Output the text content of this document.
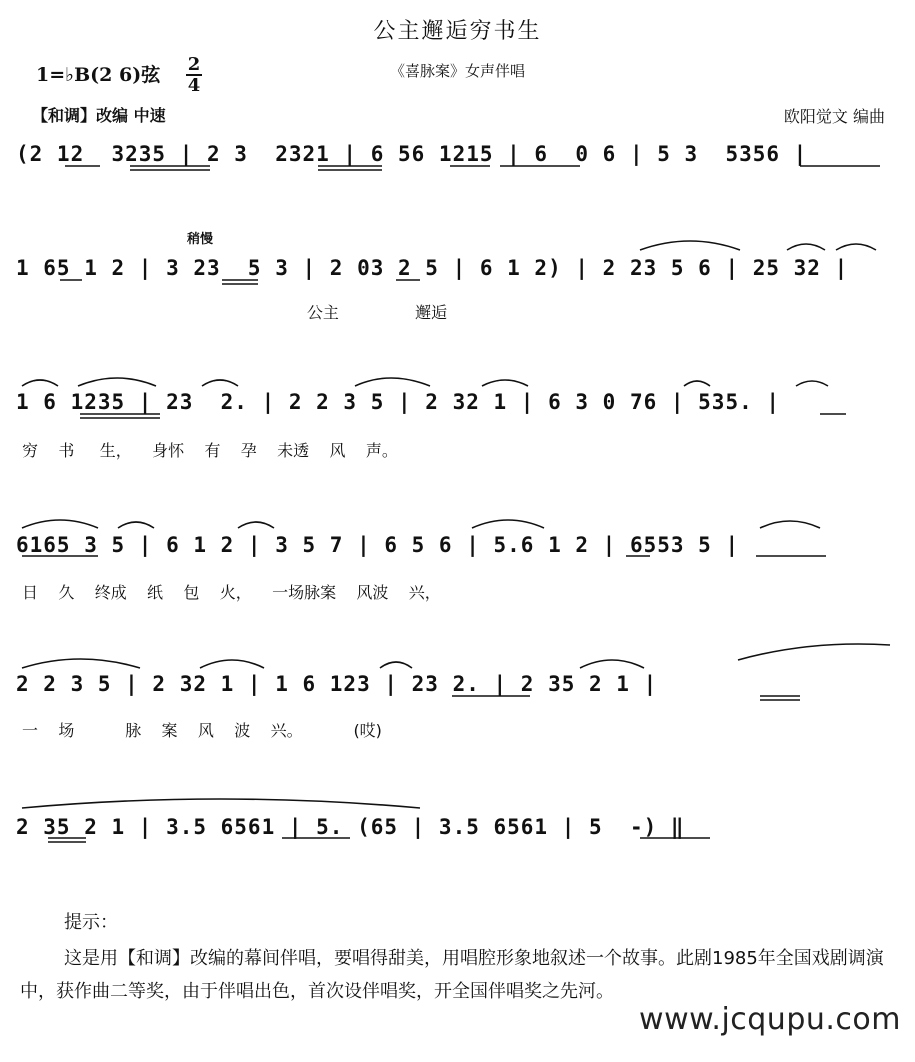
公主邂逅穷书生
《喜脉案》女声伴唱
1=♭B(2 6)弦 2
4
【和调】改编 中速	欧阳觉文 编曲
稍慢
(2 12  3235 | 2 3  2321 | 6 56 1215 | 6  0 6 | 5 3  5356 |
1 65 1 2 | 3 23  5 3 | 2 03 2 5 | 6 1 2) | 2 23 5 6 | 25 32 |
公主               邂逅
1 6 1235 | 23  2. | 2 2 3 5 | 2 32 1 | 6 3 0 76 | 535. |
穷    书     生，    身怀    有    孕    未透    风    声。
6165 3 5 | 6 1 2 | 3 5 7 | 6 5 6 | 5.6 1 2 | 6553 5 |
日    久    终成    纸    包    火，    一场脉案    风波    兴，
2 2 3 5 | 2 32 1 | 1 6 123 | 23 2. | 2 35 2 1 |
一    场          脉    案    风    波    兴。          (哎)
2 35 2 1 | 3.5 6561 | 5. (65 | 3.5 6561 | 5  -) ‖
提示：
这是用【和调】改编的幕间伴唱，要唱得甜美，用唱腔形象地叙述一个故事。此剧1985年全国戏剧调演中，获作曲二等奖，由于伴唱出色，首次设伴唱奖，开全国伴唱奖之先河。
www.jcqupu.com
